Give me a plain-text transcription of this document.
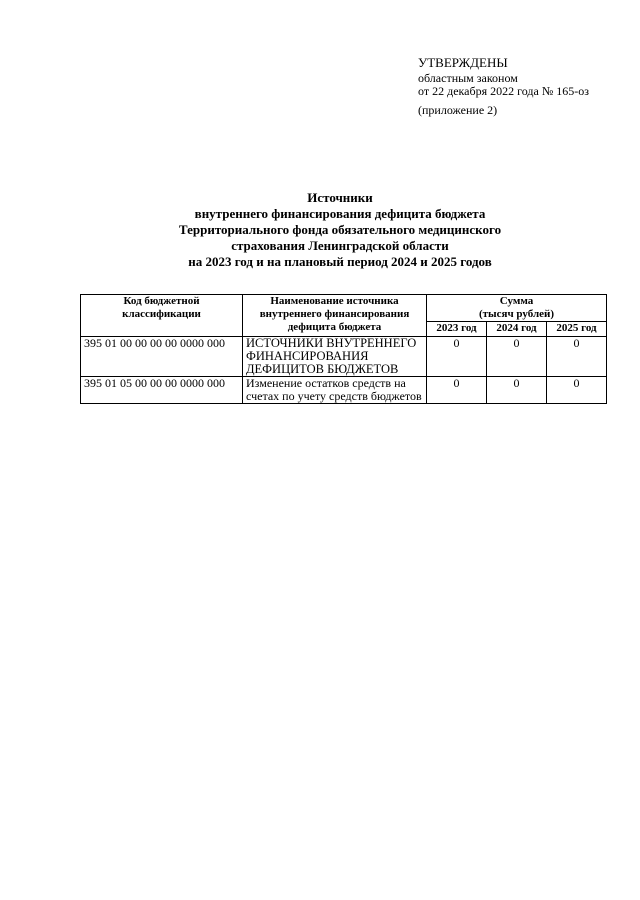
УТВЕРЖДЕНЫ
областным законом
от 22 декабря 2022 года № 165-оз
(приложение 2)
Источники
внутреннего финансирования дефицита бюджета
Территориального фонда обязательного медицинского
страхования Ленинградской области
на 2023 год и на плановый период 2024 и 2025 годов
Код бюджетной классификации	Наименование источника внутреннего финансирования дефицита бюджета	Сумма
(тысяч рублей)		

		2023 год	2024 год	2025 год
395 01 00 00 00 00 0000 000	ИСТОЧНИКИ ВНУТРЕННЕГО ФИНАНСИРОВАНИЯ ДЕФИЦИТОВ БЮДЖЕТОВ	0	0	0
395 01 05 00 00 00 0000 000	Изменение остатков средств на счетах по учету средств бюджетов	0	0	0
